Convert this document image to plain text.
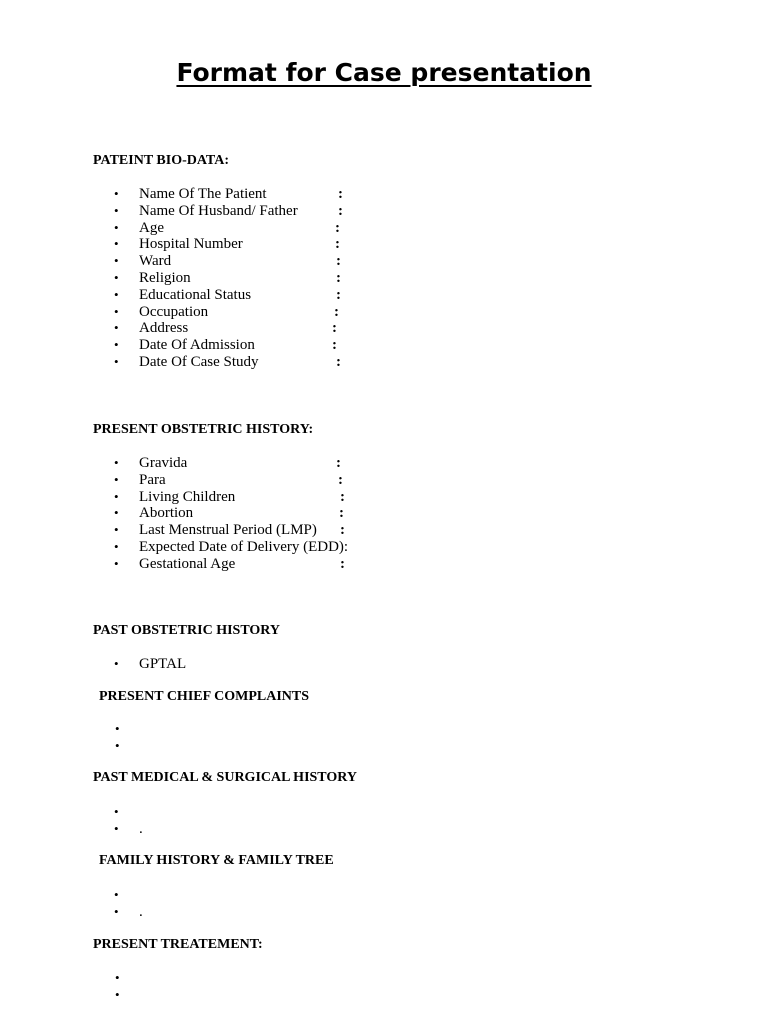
Format for Case presentation

PATEINT BIO-DATA:

• Name Of The Patient	:
• Name Of Husband/ Father	:
• Age	:
• Hospital Number	:
• Ward	:
• Religion	:
• Educational Status	:
• Occupation	:
• Address	:
• Date Of Admission	:
• Date Of Case Study	:

PRESENT OBSTETRIC HISTORY:

• Gravida	:
• Para	:
• Living Children	:
• Abortion	:
• Last Menstrual Period (LMP) :
• Expected Date of Delivery (EDD):
• Gestational Age	:

PAST OBSTETRIC HISTORY

• GPTAL

PRESENT CHIEF COMPLAINTS

•
•

PAST MEDICAL & SURGICAL HISTORY

•
• .

FAMILY HISTORY & FAMILY TREE

•
• .

PRESENT TREATEMENT:

•
•
